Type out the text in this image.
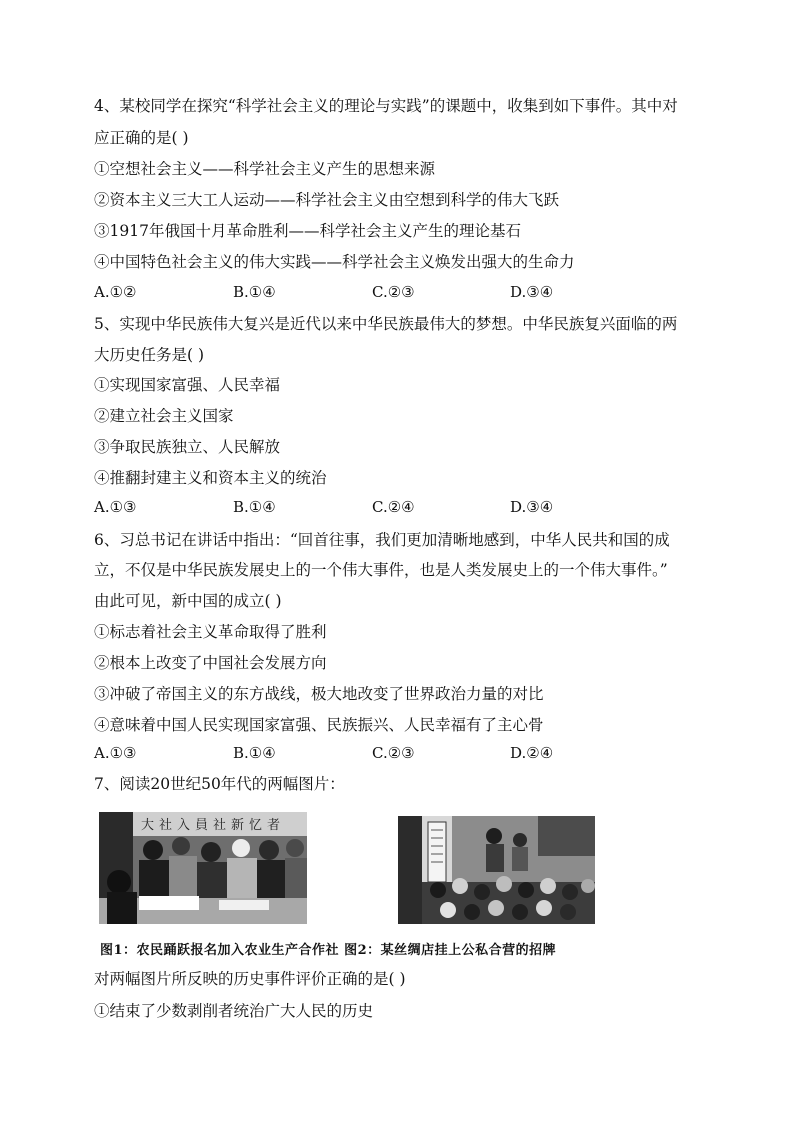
4、某校同学在探究“科学社会主义的理论与实践”的课题中，收集到如下事件。其中对
应正确的是( )
①空想社会主义——科学社会主义产生的思想来源
②资本主义三大工人运动——科学社会主义由空想到科学的伟大飞跃
③1917年俄国十月革命胜利——科学社会主义产生的理论基石
④中国特色社会主义的伟大实践——科学社会主义焕发出强大的生命力
A.①②	B.①④	C.②③	D.③④
5、实现中华民族伟大复兴是近代以来中华民族最伟大的梦想。中华民族复兴面临的两
大历史任务是( )
①实现国家富强、人民幸福
②建立社会主义国家
③争取民族独立、人民解放
④推翻封建主义和资本主义的统治
A.①③	B.①④	C.②④	D.③④
6、习总书记在讲话中指出：“回首往事，我们更加清晰地感到，中华人民共和国的成
立，不仅是中华民族发展史上的一个伟大事件，也是人类发展史上的一个伟大事件。”
由此可见，新中国的成立( )
①标志着社会主义革命取得了胜利
②根本上改变了中国社会发展方向
③冲破了帝国主义的东方战线，极大地改变了世界政治力量的对比
④意味着中国人民实现国家富强、民族振兴、人民幸福有了主心骨
A.①③	B.①④	C.②③	D.②④
7、阅读20世纪50年代的两幅图片：
大社入員社新忆者
图1：农民踊跃报名加入农业生产合作社 图2：某丝绸店挂上公私合营的招牌
对两幅图片所反映的历史事件评价正确的是( )
①结束了少数剥削者统治广大人民的历史
